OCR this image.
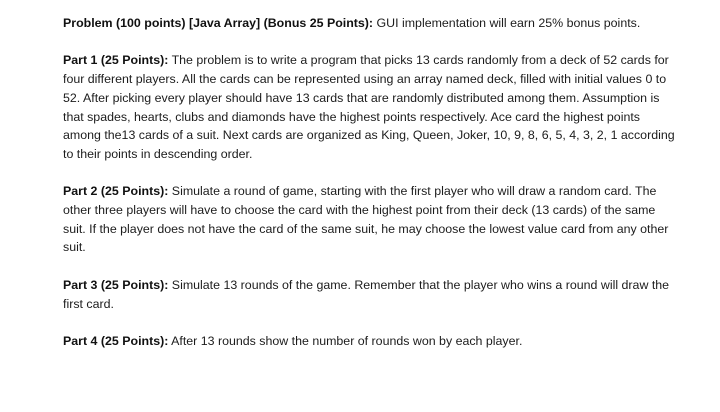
Problem (100 points) [Java Array] (Bonus 25 Points): GUI implementation will earn 25% bonus points.

Part 1 (25 Points): The problem is to write a program that picks 13 cards randomly from a deck of 52 cards for four different players. All the cards can be represented using an array named deck, filled with initial values 0 to 52. After picking every player should have 13 cards that are randomly distributed among them. Assumption is that spades, hearts, clubs and diamonds have the highest points respectively. Ace card the highest points among the13 cards of a suit. Next cards are organized as King, Queen, Joker, 10, 9, 8, 6, 5, 4, 3, 2, 1 according to their points in descending order.

Part 2 (25 Points): Simulate a round of game, starting with the first player who will draw a random card. The other three players will have to choose the card with the highest point from their deck (13 cards) of the same suit. If the player does not have the card of the same suit, he may choose the lowest value card from any other suit.

Part 3 (25 Points): Simulate 13 rounds of the game. Remember that the player who wins a round will draw the first card.

Part 4 (25 Points): After 13 rounds show the number of rounds won by each player.
